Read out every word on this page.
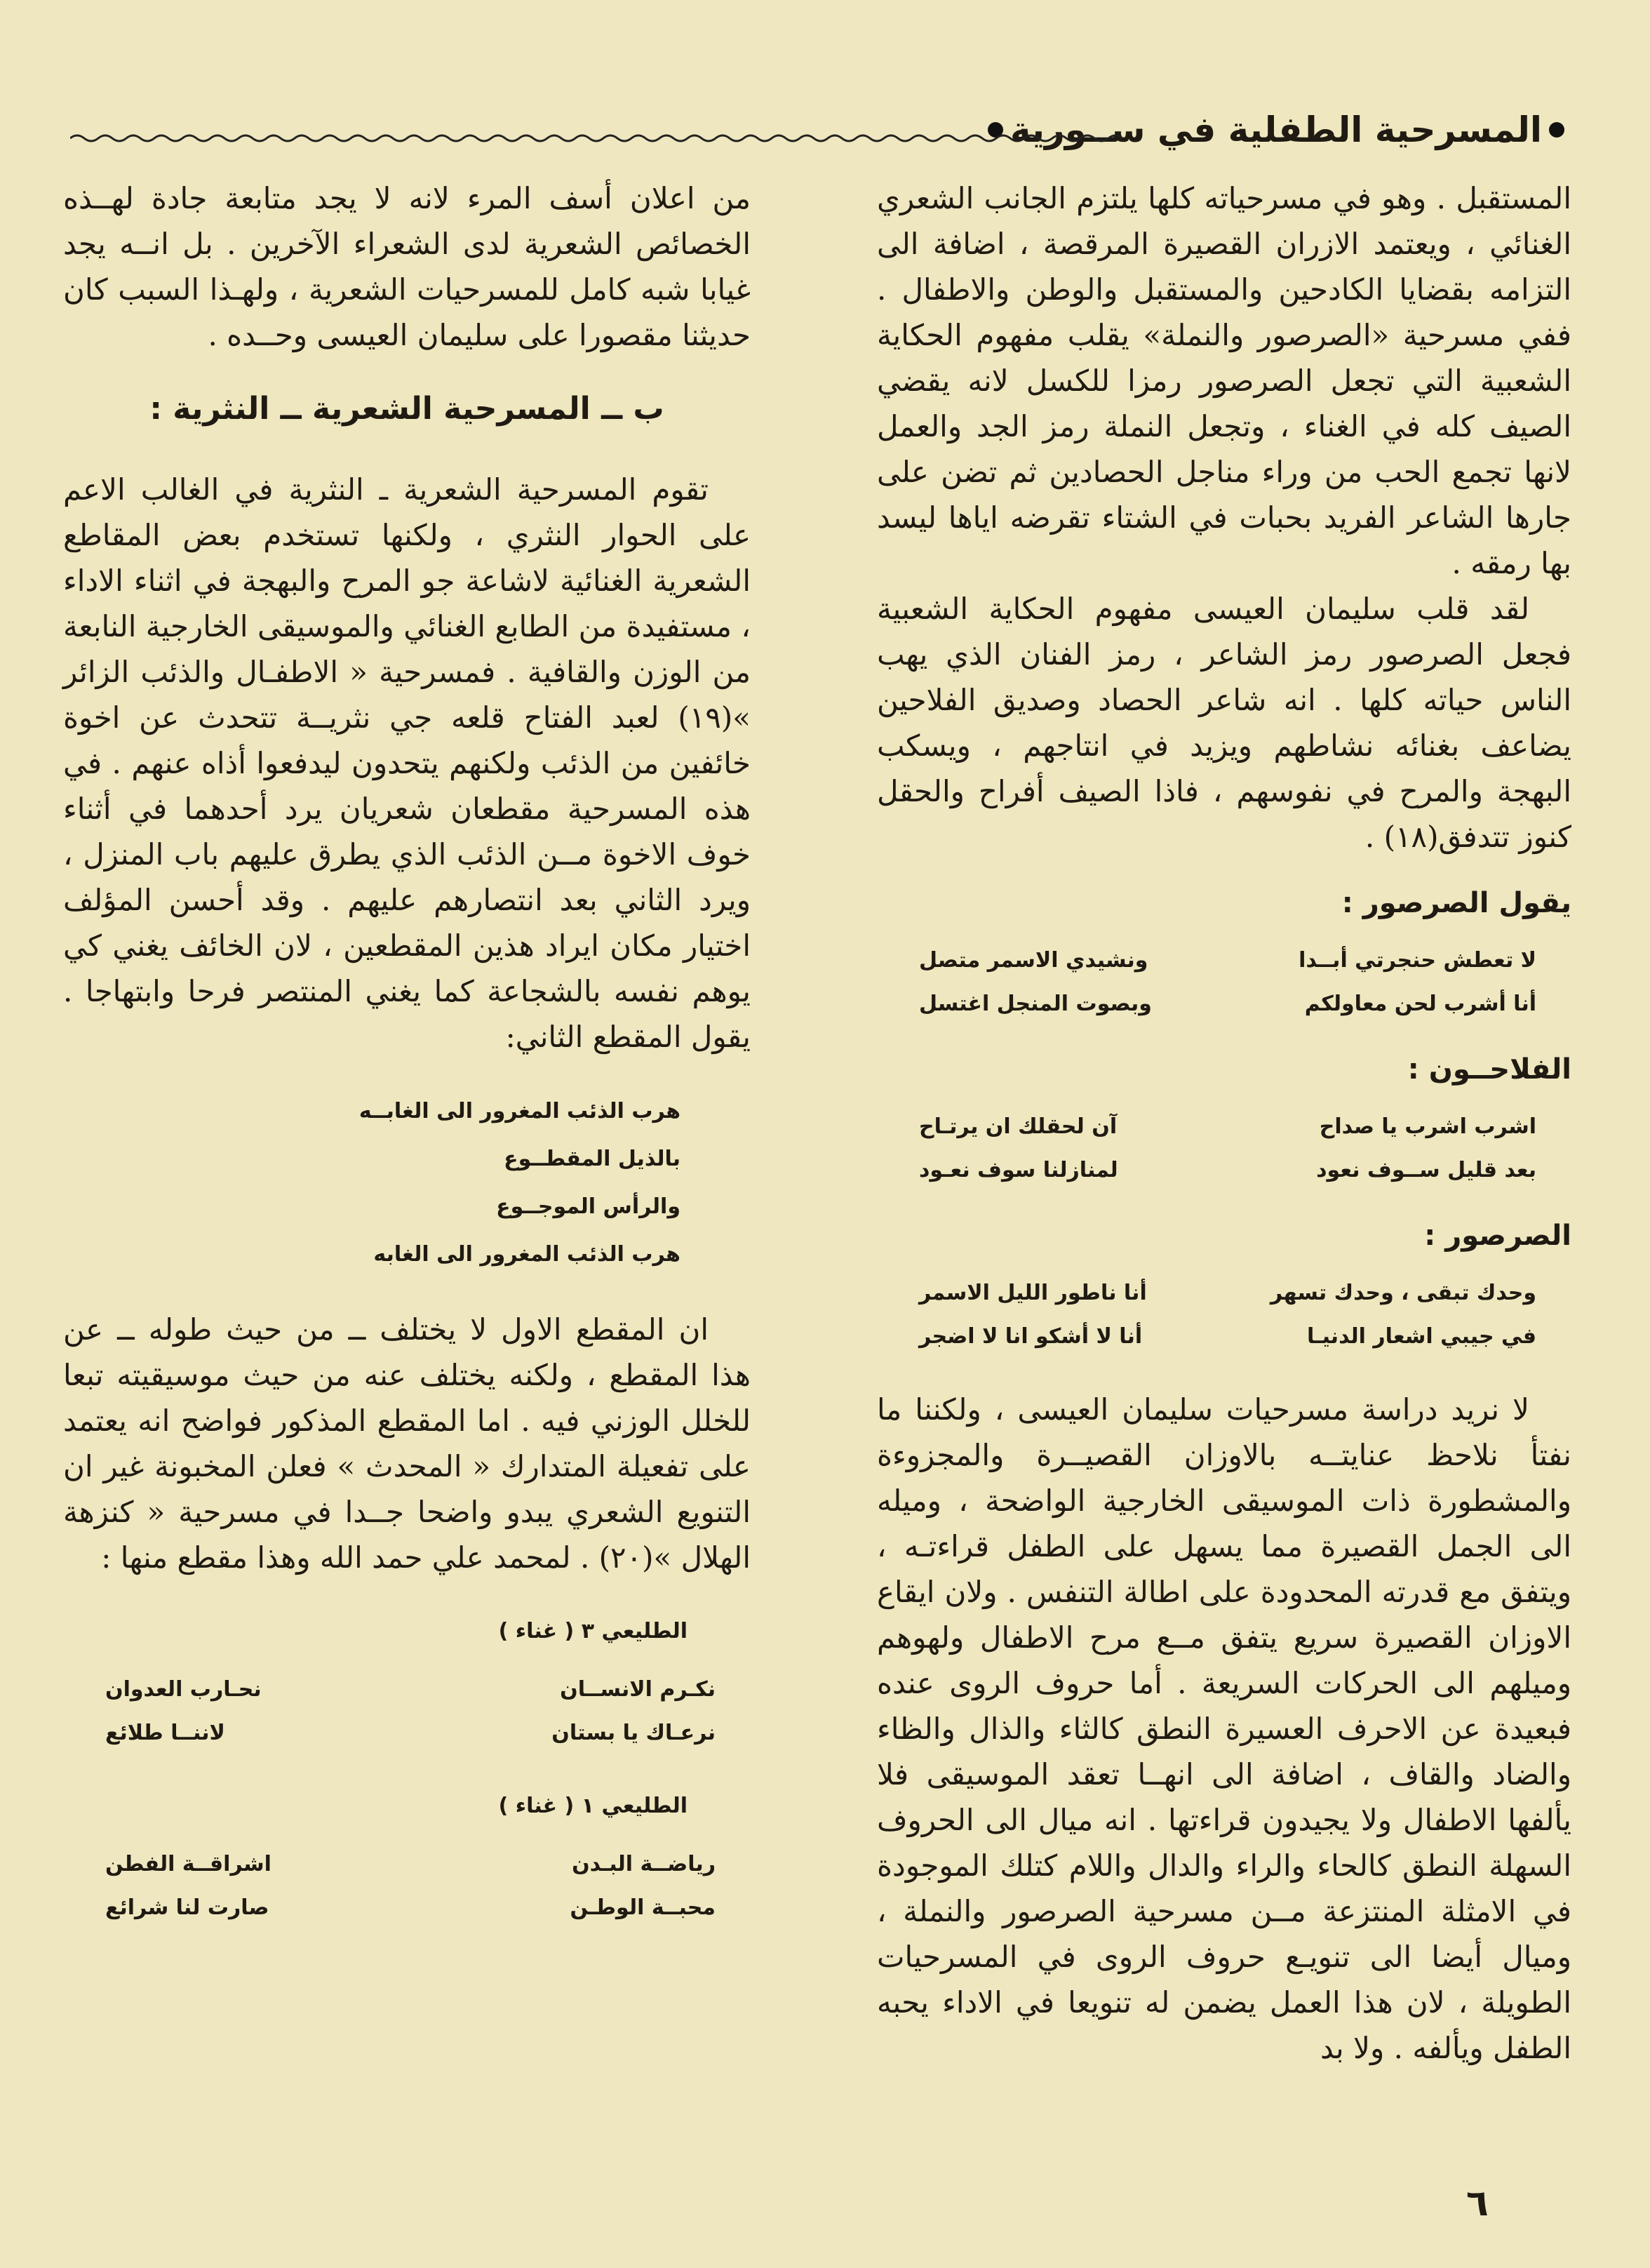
المسرحية الطفلية في ســورية

المستقبل . وهو في مسرحياته كلها يلتزم الجانب الشعري الغنائي ، ويعتمد الازران القصيرة المرقصة ، اضافة الى التزامه بقضايا الكادحين والمستقبل والوطن والاطفال . ففي مسرحية «الصرصور والنملة» يقلب مفهوم الحكاية الشعبية التي تجعل الصرصور رمزا للكسل لانه يقضي الصيف كله في الغناء ، وتجعل النملة رمز الجد والعمل لانها تجمع الحب من وراء مناجل الحصادين ثم تضن على جارها الشاعر الفريد بحبات في الشتاء تقرضه اياها ليسد بها رمقه .

لقد قلب سليمان العيسى مفهوم الحكاية الشعبية فجعل الصرصور رمز الشاعر ، رمز الفنان الذي يهب الناس حياته كلها . انه شاعر الحصاد وصديق الفلاحين يضاعف بغنائه نشاطهم ويزيد في انتاجهم ، ويسكب البهجة والمرح في نفوسهم ، فاذا الصيف أفراح والحقل كنوز تتدفق(١٨) .

يقول الصرصور :
لا تعطش حنجرتي أبــدا
ونشيدي الاسمر متصل
أنا أشرب لحن معاولكم
وبصوت المنجل اغتسل
الفلاحــون :
اشرب اشرب يا صداح
آن لحقلك ان يرتـاح
بعد قليل ســوف نعود
لمنازلنا سوف نعـود
الصرصور :
وحدك تبقى ، وحدك تسهر
أنا ناطور الليل الاسمر
في جيبي اشعار الدنيـا
أنا لا أشكو انا لا اضجر

لا نريد دراسة مسرحيات سليمان العيسى ، ولكننا ما نفتأ نلاحظ عنايتــه بالاوزان القصيــرة والمجزوءة والمشطورة ذات الموسيقى الخارجية الواضحة ، وميله الى الجمل القصيرة مما يسهل على الطفل قراءتـه ، ويتفق مع قدرته المحدودة على اطالة التنفس . ولان ايقاع الاوزان القصيرة سريع يتفق مــع مرح الاطفال ولهوهم وميلهم الى الحركات السريعة . أما حروف الروى عنده فبعيدة عن الاحرف العسيرة النطق كالثاء والذال والظاء والضاد والقاف ، اضافة الى انهــا تعقد الموسيقى فلا يألفها الاطفال ولا يجيدون قراءتها . انه ميال الى الحروف السهلة النطق كالحاء والراء والدال واللام كتلك الموجودة في الامثلة المنتزعة مــن مسرحية الصرصور والنملة ، وميال أيضا الى تنويـع حروف الروى في المسرحيات الطويلة ، لان هذا العمل يضمن له تنويعا في الاداء يحبه الطفل ويألفه . ولا بد

من اعلان أسف المرء لانه لا يجد متابعة جادة لهــذه الخصائص الشعرية لدى الشعراء الآخرين . بل انــه يجد غيابا شبه كامل للمسرحيات الشعرية ، ولهـذا السبب كان حديثنا مقصورا على سليمان العيسى وحــده .

ب ــ المسرحية الشعرية ــ النثرية :

تقوم المسرحية الشعرية ـ النثرية في الغالب الاعم على الحوار النثري ، ولكنها تستخدم بعض المقاطع الشعرية الغنائية لاشاعة جو المرح والبهجة في اثناء الاداء ، مستفيدة من الطابع الغنائي والموسيقى الخارجية النابعة من الوزن والقافية . فمسرحية « الاطفـال والذئب الزائر »(١٩) لعبد الفتاح قلعه جي نثريــة تتحدث عن اخوة خائفين من الذئب ولكنهم يتحدون ليدفعوا أذاه عنهم . في هذه المسرحية مقطعان شعريان يرد أحدهما في أثناء خوف الاخوة مــن الذئب الذي يطرق عليهم باب المنزل ، ويرد الثاني بعد انتصارهم عليهم . وقد أحسن المؤلف اختيار مكان ايراد هذين المقطعين ، لان الخائف يغني كي يوهم نفسه بالشجاعة كما يغني المنتصر فرحا وابتهاجا . يقول المقطع الثاني:

هرب الذئب المغرور الى الغابــه
بالذيل المقطــوع
والرأس الموجــوع
هرب الذئب المغرور الى الغابه

ان المقطع الاول لا يختلف ــ من حيث طوله ــ عن هذا المقطع ، ولكنه يختلف عنه من حيث موسيقيته تبعا للخلل الوزني فيه . اما المقطع المذكور فواضح انه يعتمد على تفعيلة المتدارك « المحدث » فعلن المخبونة غير ان التنويع الشعري يبدو واضحا جــدا في مسرحية « كنزهة الهلال »(٢٠) . لمحمد علي حمد الله وهذا مقطع منها :

الطليعي ٣ ( غناء )
نكـرم الانســان
نحـارب العدوان
نرعـاك يا بستان
لاننــا طلائع
الطليعي ١ ( غناء )
رياضــة البـدن
اشراقــة الفطن
محبــة الوطـن
صارت لنا شرائع
٦
